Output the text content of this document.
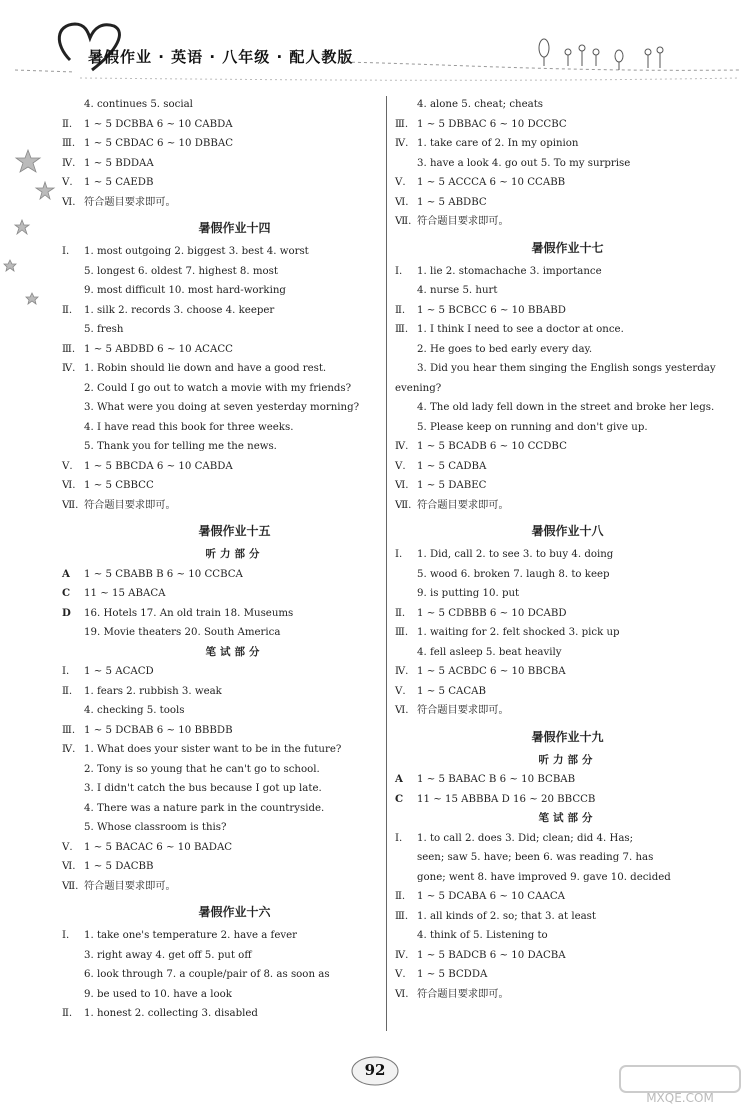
暑假作业 · 英语 · 八年级 · 配人教版
4. continues 5. social
Ⅱ. 1 ~ 5 DCBBA 6 ~ 10 CABDA
Ⅲ. 1 ~ 5 CBDAC 6 ~ 10 DBBAC
Ⅳ. 1 ~ 5 BDDAA
Ⅴ. 1 ~ 5 CAEDB
Ⅵ. 符合题目要求即可。
暑假作业十四
Ⅰ. 1. most outgoing 2. biggest 3. best 4. worst
5. longest 6. oldest 7. highest 8. most
9. most difficult 10. most hard-working
Ⅱ. 1. silk 2. records 3. choose 4. keeper
5. fresh
Ⅲ. 1 ~ 5 ABDBD 6 ~ 10 ACACC
Ⅳ. 1. Robin should lie down and have a good rest.
2. Could I go out to watch a movie with my friends?
3. What were you doing at seven yesterday morning?
4. I have read this book for three weeks.
5. Thank you for telling me the news.
Ⅴ. 1 ~ 5 BBCDA 6 ~ 10 CABDA
Ⅵ. 1 ~ 5 CBBCC
Ⅶ. 符合题目要求即可。
暑假作业十五
听力部分
A 1 ~ 5 CBABB B 6 ~ 10 CCBCA
C 11 ~ 15 ABACA
D 16. Hotels 17. An old train 18. Museums
19. Movie theaters 20. South America
笔试部分
Ⅰ. 1 ~ 5 ACACD
Ⅱ. 1. fears 2. rubbish 3. weak
4. checking 5. tools
Ⅲ. 1 ~ 5 DCBAB 6 ~ 10 BBBDB
Ⅳ. 1. What does your sister want to be in the future?
2. Tony is so young that he can't go to school.
3. I didn't catch the bus because I got up late.
4. There was a nature park in the countryside.
5. Whose classroom is this?
Ⅴ. 1 ~ 5 BACAC 6 ~ 10 BADAC
Ⅵ. 1 ~ 5 DACBB
Ⅶ. 符合题目要求即可。
暑假作业十六
Ⅰ. 1. take one's temperature 2. have a fever
3. right away 4. get off 5. put off
6. look through 7. a couple/pair of 8. as soon as
9. be used to 10. have a look
Ⅱ. 1. honest 2. collecting 3. disabled
4. alone 5. cheat; cheats
Ⅲ. 1 ~ 5 DBBAC 6 ~ 10 DCCBC
Ⅳ. 1. take care of 2. In my opinion
3. have a look 4. go out 5. To my surprise
Ⅴ. 1 ~ 5 ACCCA 6 ~ 10 CCABB
Ⅵ. 1 ~ 5 ABDBC
Ⅶ. 符合题目要求即可。
暑假作业十七
Ⅰ. 1. lie 2. stomachache 3. importance
4. nurse 5. hurt
Ⅱ. 1 ~ 5 BCBCC 6 ~ 10 BBABD
Ⅲ. 1. I think I need to see a doctor at once.
2. He goes to bed early every day.
3. Did you hear them singing the English songs yesterday
evening?
4. The old lady fell down in the street and broke her legs.
5. Please keep on running and don't give up.
Ⅳ. 1 ~ 5 BCADB 6 ~ 10 CCDBC
Ⅴ. 1 ~ 5 CADBA
Ⅵ. 1 ~ 5 DABEC
Ⅶ. 符合题目要求即可。
暑假作业十八
Ⅰ. 1. Did, call 2. to see 3. to buy 4. doing
5. wood 6. broken 7. laugh 8. to keep
9. is putting 10. put
Ⅱ. 1 ~ 5 CDBBB 6 ~ 10 DCABD
Ⅲ. 1. waiting for 2. felt shocked 3. pick up
4. fell asleep 5. beat heavily
Ⅳ. 1 ~ 5 ACBDC 6 ~ 10 BBCBA
Ⅴ. 1 ~ 5 CACAB
Ⅵ. 符合题目要求即可。
暑假作业十九
听力部分
A 1 ~ 5 BABAC B 6 ~ 10 BCBAB
C 11 ~ 15 ABBBA D 16 ~ 20 BBCCB
笔试部分
Ⅰ. 1. to call 2. does 3. Did; clean; did 4. Has;
seen; saw 5. have; been 6. was reading 7. has
gone; went 8. have improved 9. gave 10. decided
Ⅱ. 1 ~ 5 DCABA 6 ~ 10 CAACA
Ⅲ. 1. all kinds of 2. so; that 3. at least
4. think of 5. Listening to
Ⅳ. 1 ~ 5 BADCB 6 ~ 10 DACBA
Ⅴ. 1 ~ 5 BCDDA
Ⅵ. 符合题目要求即可。
92
MXQE.COM
